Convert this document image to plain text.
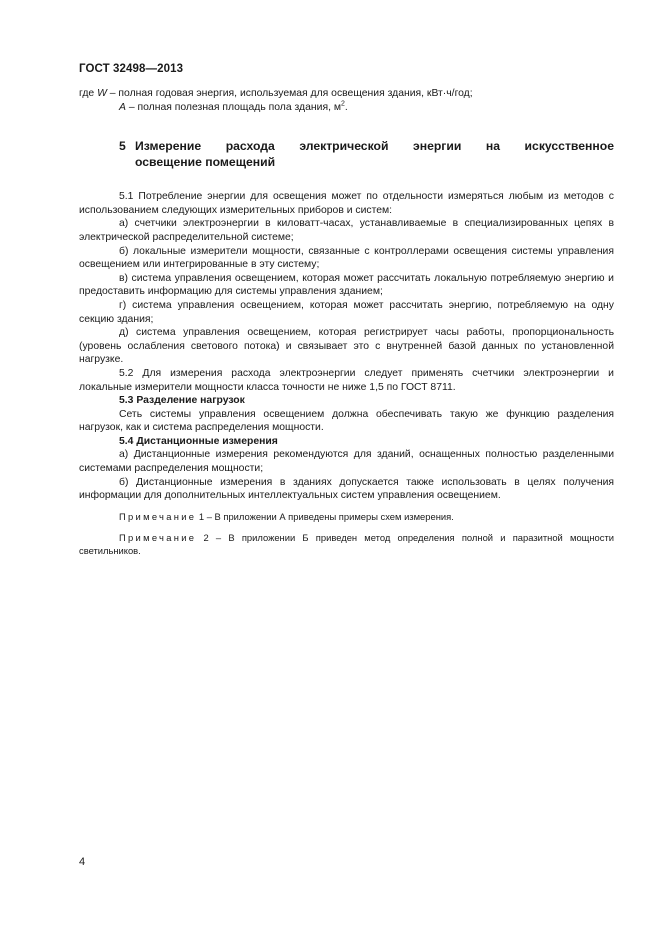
ГОСТ 32498—2013

где W – полная годовая энергия, используемая для освещения здания, кВт·ч/год;

А – полная полезная площадь пола здания, $м^2$.

5 Измерение расхода электрической энергии на искусственное
освещение помещений

5.1 Потребление энергии для освещения может по отдельности измеряться любым из методов с использованием следующих измерительных приборов и систем:

а) счетчики электроэнергии в киловатт-часах, устанавливаемые в специализированных цепях в электрической распределительной системе;

б) локальные измерители мощности, связанные с контроллерами освещения системы управления освещением или интегрированные в эту систему;

в) система управления освещением, которая может рассчитать локальную потребляемую энергию и предоставить информацию для системы управления зданием;

г) система управления освещением, которая может рассчитать энергию, потребляемую на одну секцию здания;

д) система управления освещением, которая регистрирует часы работы, пропорциональность (уровень ослабления светового потока) и связывает это с внутренней базой данных по установленной нагрузке.

5.2 Для измерения расхода электроэнергии следует применять счетчики электроэнергии и локальные измерители мощности класса точности не ниже 1,5 по ГОСТ 8711.

5.3 Разделение нагрузок

Сеть системы управления освещением должна обеспечивать такую же функцию разделения нагрузок, как и система распределения мощности.

5.4 Дистанционные измерения

а) Дистанционные измерения рекомендуются для зданий, оснащенных полностью разделенными системами распределения мощности;

б) Дистанционные измерения в зданиях допускается также использовать в целях получения информации для дополнительных интеллектуальных систем управления освещением.

Примечание 1 – В приложении А приведены примеры схем измерения.

Примечание 2 – В приложении Б приведен метод определения полной и паразитной мощности светильников.

4
